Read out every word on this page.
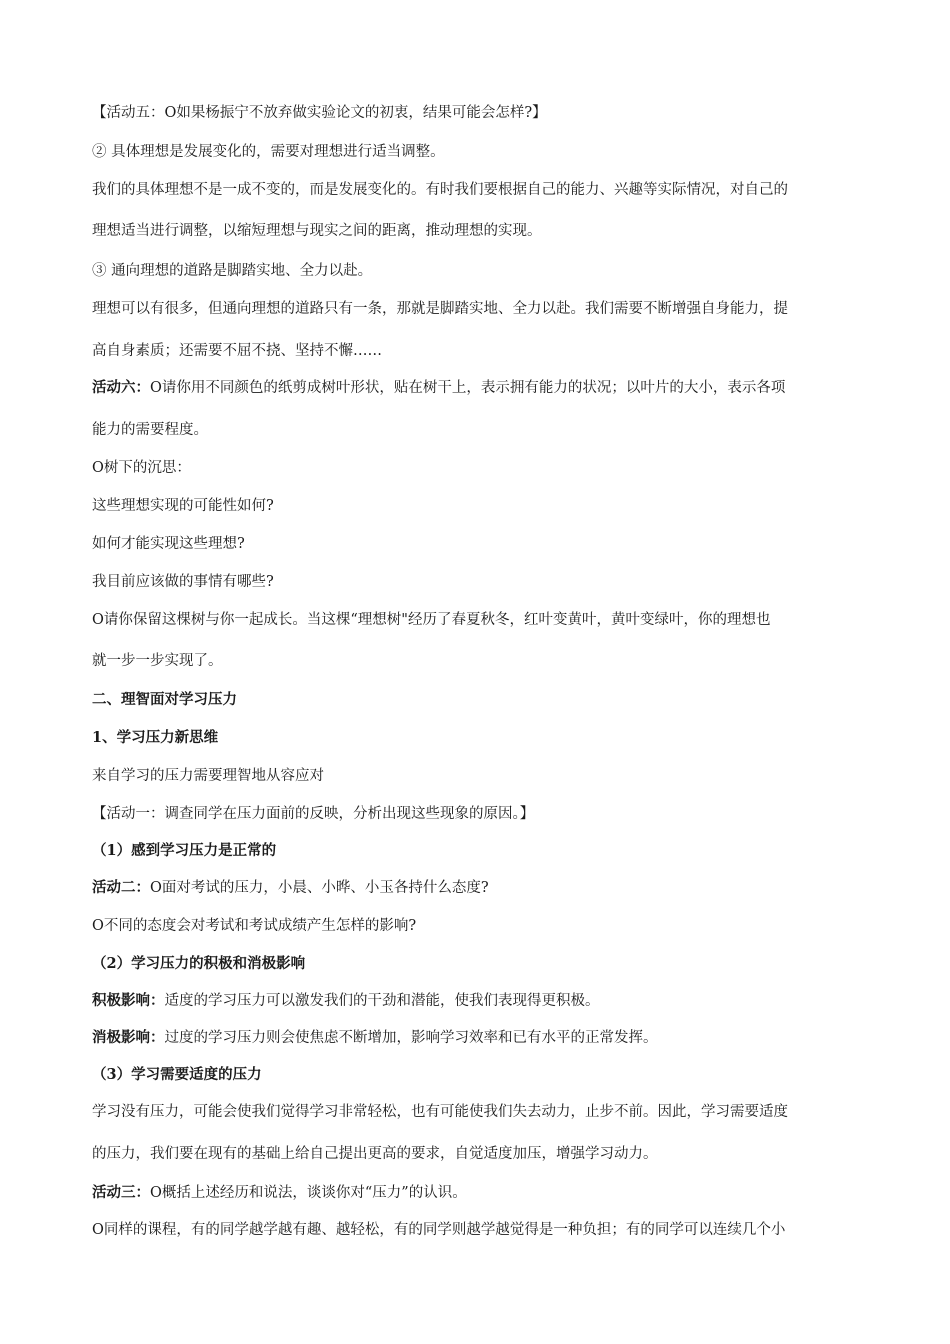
【活动五：O如果杨振宁不放弃做实验论文的初衷，结果可能会怎样?】
② 具体理想是发展变化的，需要对理想进行适当调整。
我们的具体理想不是一成不变的，而是发展变化的。有时我们要根据自己的能力、兴趣等实际情况，对自己的
理想适当进行调整，以缩短理想与现实之间的距离，推动理想的实现。
③ 通向理想的道路是脚踏实地、全力以赴。
理想可以有很多，但通向理想的道路只有一条，那就是脚踏实地、全力以赴。我们需要不断增强自身能力，提
高自身素质；还需要不屈不挠、坚持不懈……
活动六：O请你用不同颜色的纸剪成树叶形状，贴在树干上，表示拥有能力的状况；以叶片的大小，表示各项
能力的需要程度。
O树下的沉思：
这些理想实现的可能性如何?
如何才能实现这些理想?
我目前应该做的事情有哪些?
O请你保留这棵树与你一起成长。当这棵“理想树"经历了春夏秋冬，红叶变黄叶，黄叶变绿叶，你的理想也
就一步一步实现了。
二、理智面对学习压力
1、学习压力新思维
来自学习的压力需要理智地从容应对
【活动一：调查同学在压力面前的反映，分析出现这些现象的原因。】
（1）感到学习压力是正常的
活动二：O面对考试的压力，小晨、小晔、小玉各持什么态度?
O不同的态度会对考试和考试成绩产生怎样的影响?
（2）学习压力的积极和消极影响
积极影响：适度的学习压力可以激发我们的干劲和潜能，使我们表现得更积极。
消极影响：过度的学习压力则会使焦虑不断增加，影响学习效率和已有水平的正常发挥。
（3）学习需要适度的压力
学习没有压力，可能会使我们觉得学习非常轻松，也有可能使我们失去动力，止步不前。因此，学习需要适度
的压力，我们要在现有的基础上给自己提出更高的要求，自觉适度加压，增强学习动力。
活动三：O概括上述经历和说法，谈谈你对“压力”的认识。
O同样的课程，有的同学越学越有趣、越轻松，有的同学则越学越觉得是一种负担；有的同学可以连续几个小
